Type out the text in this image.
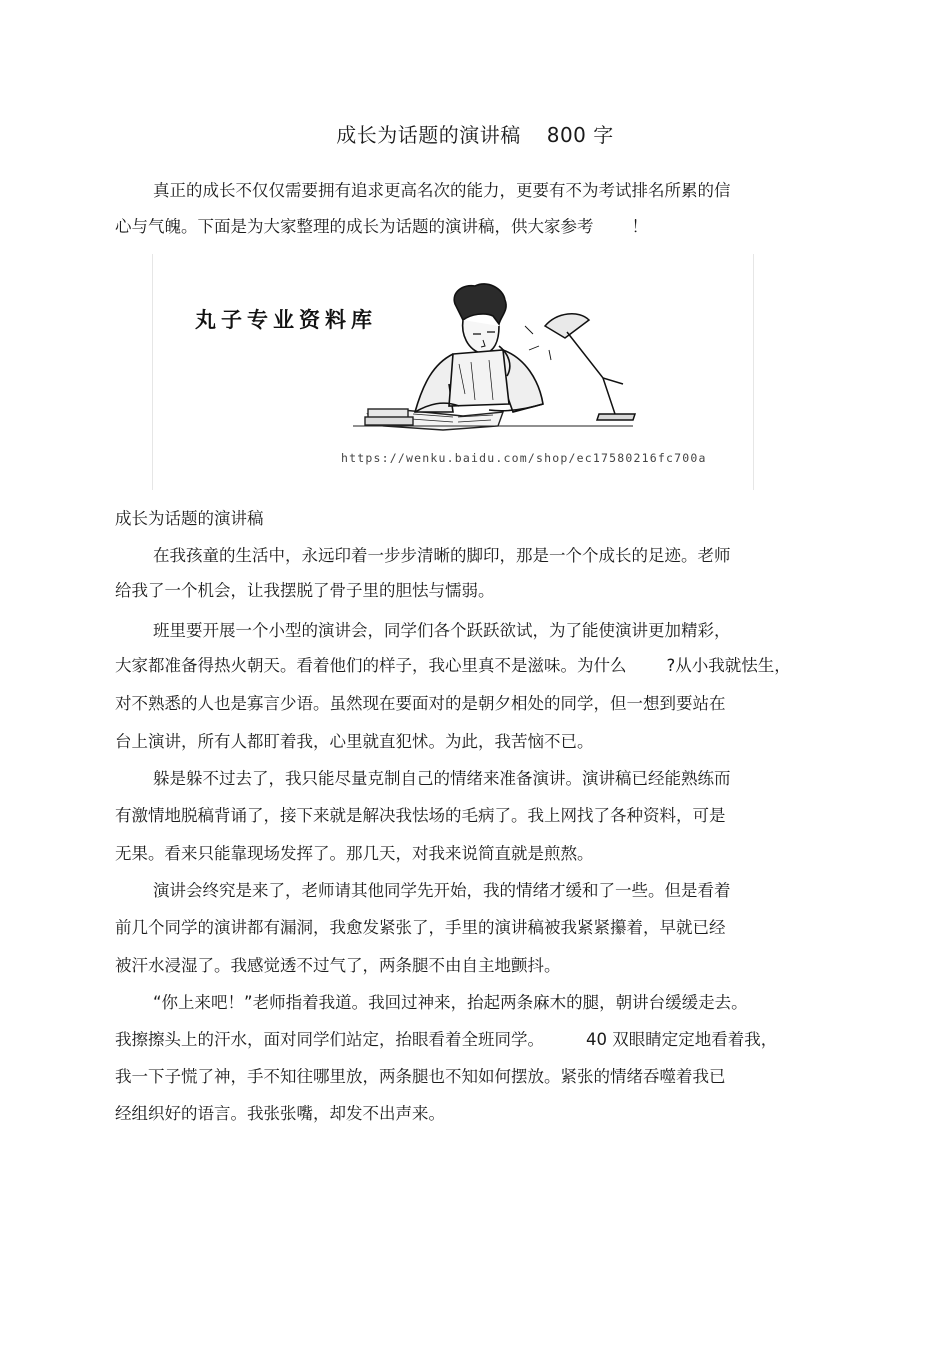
成长为话题的演讲稿 800 字
真正的成长不仅仅需要拥有追求更高名次的能力，更要有不为考试排名所累的信
心与气魄。下面是为大家整理的成长为话题的演讲稿，供大家参考 ！
丸子专业资料库
https://wenku.baidu.com/shop/ec17580216fc700a
成长为话题的演讲稿
在我孩童的生活中，永远印着一步步清晰的脚印，那是一个个成长的足迹。老师
给我了一个机会，让我摆脱了骨子里的胆怯与懦弱。
班里要开展一个小型的演讲会，同学们各个跃跃欲试，为了能使演讲更加精彩，
大家都准备得热火朝天。看着他们的样子，我心里真不是滋味。为什么 ?从小我就怯生，
对不熟悉的人也是寡言少语。虽然现在要面对的是朝夕相处的同学，但一想到要站在
台上演讲，所有人都盯着我，心里就直犯怵。为此，我苦恼不已。
躲是躲不过去了，我只能尽量克制自己的情绪来准备演讲。演讲稿已经能熟练而
有激情地脱稿背诵了，接下来就是解决我怯场的毛病了。我上网找了各种资料，可是
无果。看来只能靠现场发挥了。那几天，对我来说简直就是煎熬。
演讲会终究是来了，老师请其他同学先开始，我的情绪才缓和了一些。但是看着
前几个同学的演讲都有漏洞，我愈发紧张了，手里的演讲稿被我紧紧攥着，早就已经
被汗水浸湿了。我感觉透不过气了，两条腿不由自主地颤抖。
“你上来吧！”老师指着我道。我回过神来，抬起两条麻木的腿，朝讲台缓缓走去。
我擦擦头上的汗水，面对同学们站定，抬眼看着全班同学。	40 双眼睛定定地看着我，
我一下子慌了神，手不知往哪里放，两条腿也不知如何摆放。紧张的情绪吞噬着我已
经组织好的语言。我张张嘴，却发不出声来。
